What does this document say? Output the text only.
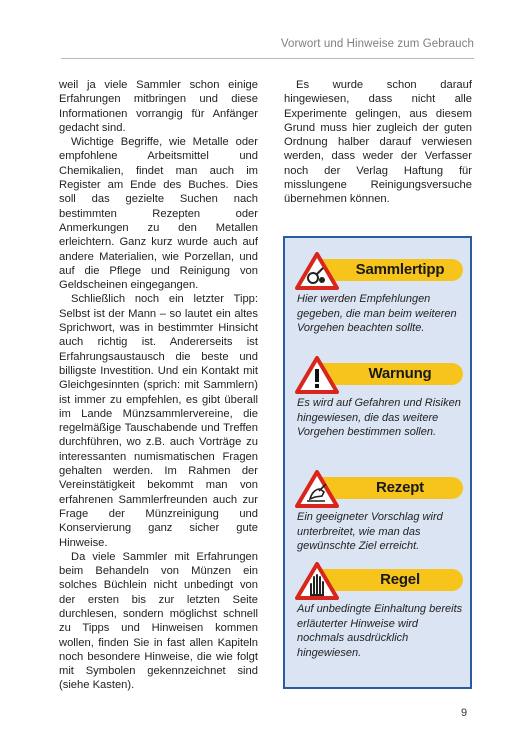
Vorwort und Hinweise zum Gebrauch

weil ja viele Sammler schon einige Erfahrungen mitbringen und diese Informationen vorrangig für Anfänger gedacht sind.

Wichtige Begriffe, wie Metalle oder empfohlene Arbeitsmittel und Chemikalien, findet man auch im Register am Ende des Buches. Dies soll das gezielte Suchen nach bestimmten Rezepten oder Anmerkungen zu den Metallen erleichtern. Ganz kurz wurde auch auf andere Materialien, wie Porzellan, und auf die Pflege und Reinigung von Geldscheinen eingegangen.

Schließlich noch ein letzter Tipp: Selbst ist der Mann – so lautet ein altes Sprichwort, was in bestimmter Hinsicht auch richtig ist. Andererseits ist Erfahrungsaustausch die beste und billigste Investition. Und ein Kontakt mit Gleichgesinnten (sprich: mit Sammlern) ist immer zu empfehlen, es gibt überall im Lande Münzsammlervereine, die regelmäßige Tauschabende und Treffen durchführen, wo z.B. auch Vorträge zu interessanten numismatischen Fragen gehalten werden. Im Rahmen der Vereinstätigkeit bekommt man von erfahrenen Sammlerfreunden auch zur Frage der Münzreinigung und Konservierung ganz sicher gute Hinweise.

Da viele Sammler mit Erfahrungen beim Behandeln von Münzen ein solches Büchlein nicht unbedingt von der ersten bis zur letzten Seite durchlesen, sondern möglichst schnell zu Tipps und Hinweisen kommen wollen, finden Sie in fast allen Kapiteln noch besondere Hinweise, die wie folgt mit Symbolen gekennzeichnet sind (siehe Kasten).

Es wurde schon darauf hingewiesen, dass nicht alle Experimente gelingen, aus diesem Grund muss hier zugleich der guten Ordnung halber darauf verwiesen werden, dass weder der Verfasser noch der Verlag Haftung für misslungene Reinigungsversuche übernehmen können.

Sammlertipp
Hier werden Empfehlungen gegeben, die man beim weiteren Vorgehen beachten sollte.
Warnung
Es wird auf Gefahren und Risiken hingewiesen, die das weitere Vorgehen bestimmen sollen.
Rezept
Ein geeigneter Vorschlag wird unterbreitet, wie man das gewünschte Ziel erreicht.
Regel
Auf unbedingte Einhaltung bereits erläuterter Hinweise wird nochmals ausdrücklich hingewiesen.
9
